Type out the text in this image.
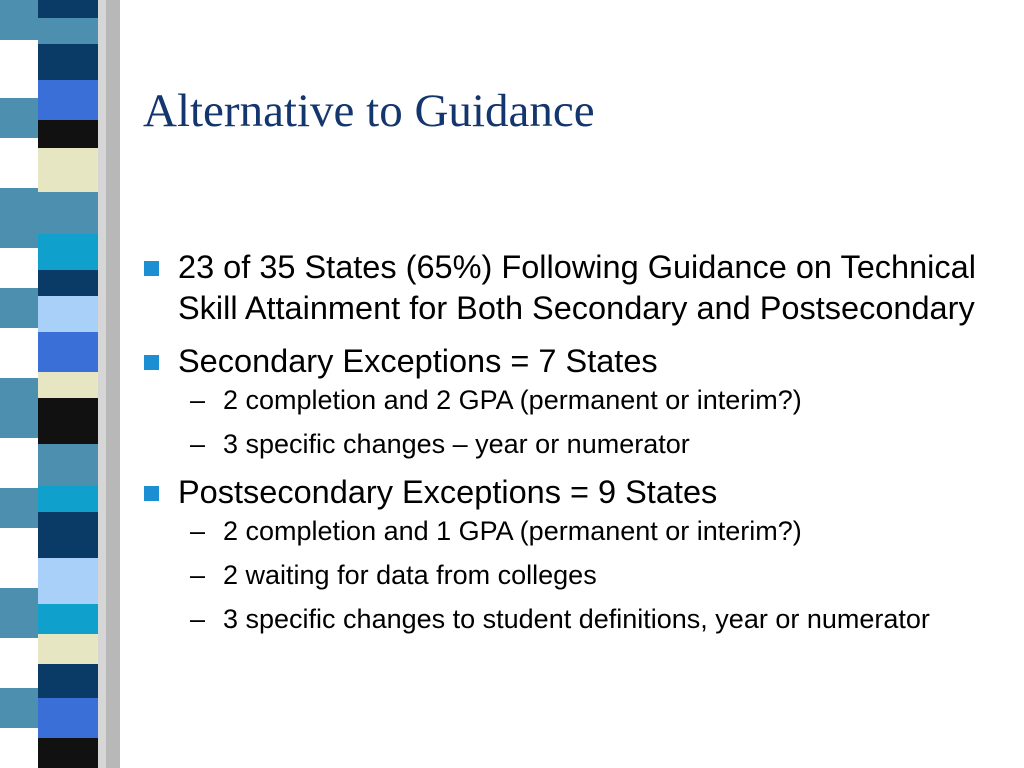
Alternative to Guidance
23 of 35 States (65%) Following Guidance on Technical Skill Attainment for Both Secondary and Postsecondary
Secondary Exceptions = 7 States
– 2 completion and 2 GPA (permanent or interim?)
– 3 specific changes – year or numerator
Postsecondary Exceptions = 9 States
– 2 completion and 1 GPA (permanent or interim?)
– 2 waiting for data from colleges
– 3 specific changes to student definitions, year or numerator
